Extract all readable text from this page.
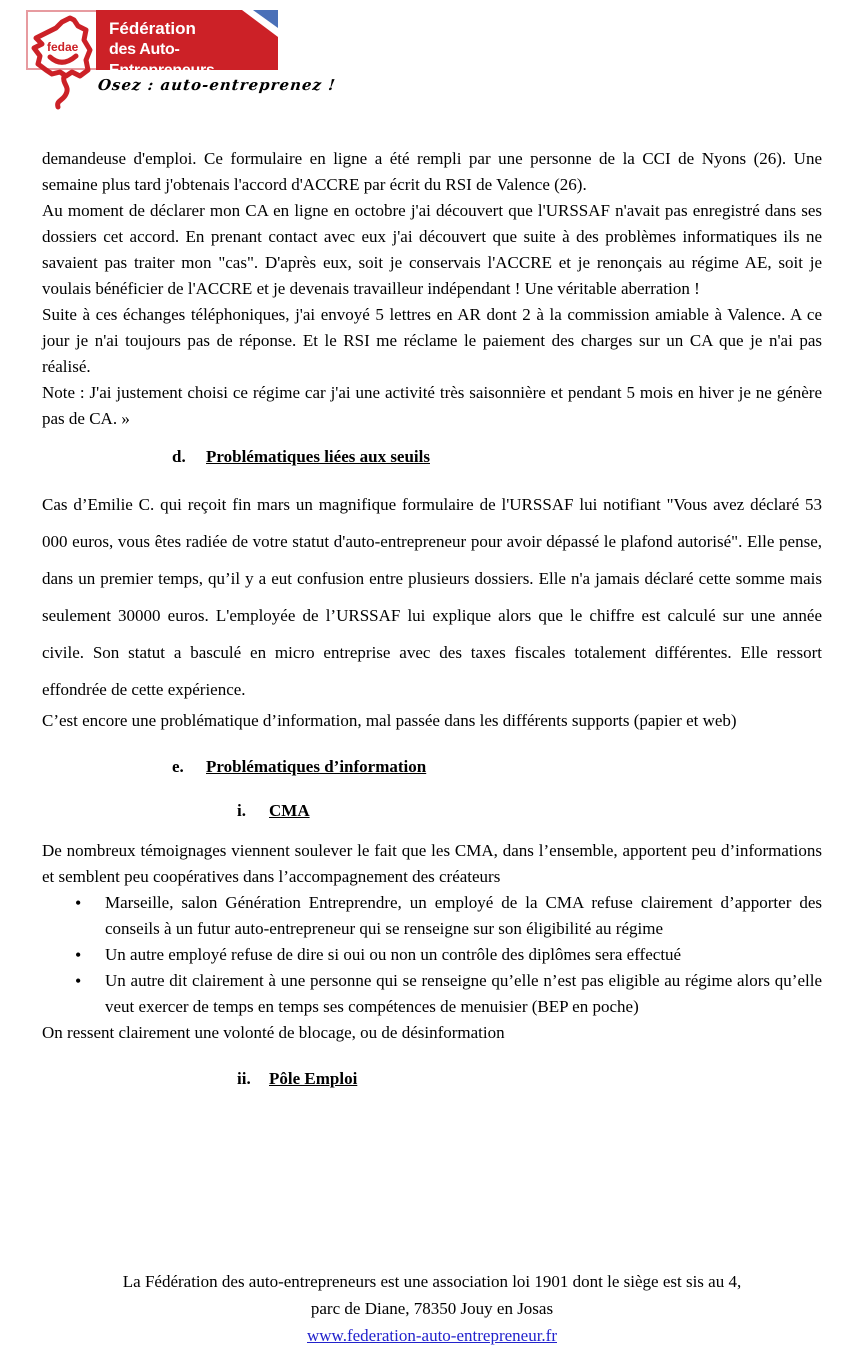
fedae
Fédération
des Auto-Entrepreneurs
Osez : auto-entreprenez !

demandeuse d'emploi. Ce formulaire en ligne a été rempli par une personne de la CCI de Nyons (26). Une semaine plus tard j'obtenais l'accord d'ACCRE par écrit du RSI de Valence (26).

Au moment de déclarer mon CA en ligne en octobre j'ai découvert que l'URSSAF n'avait pas enregistré dans ses dossiers cet accord. En prenant contact avec eux j'ai découvert que suite à des problèmes informatiques ils ne savaient pas traiter mon "cas". D'après eux, soit je conservais l'ACCRE et je renonçais au régime AE, soit je voulais bénéficier de l'ACCRE et je devenais travailleur indépendant ! Une véritable aberration !

Suite à ces échanges téléphoniques, j'ai envoyé 5 lettres en AR dont 2 à la commission amiable à Valence. A ce jour je n'ai toujours pas de réponse. Et le RSI me réclame le paiement des charges sur un CA que je n'ai pas réalisé.

Note : J'ai justement choisi ce régime car j'ai une activité très saisonnière et pendant 5 mois en hiver je ne génère pas de CA. »

d. Problématiques liées aux seuils

Cas d’Emilie C. qui reçoit fin mars un magnifique formulaire de l'URSSAF lui notifiant "Vous avez déclaré 53 000 euros, vous êtes radiée de votre statut d'auto-entrepreneur pour avoir dépassé le plafond autorisé". Elle pense, dans un premier temps, qu’il y a eut confusion entre plusieurs dossiers. Elle n'a jamais déclaré cette somme mais seulement 30000 euros. L'employée de l’URSSAF lui explique alors que le chiffre est calculé sur une année civile. Son statut a basculé en micro entreprise avec des taxes fiscales totalement différentes. Elle ressort effondrée de cette expérience.

C’est encore une problématique d’information, mal passée dans les différents supports (papier et web)

e. Problématiques d’information
i. CMA

De nombreux témoignages viennent soulever le fait que les CMA, dans l’ensemble, apportent peu d’informations et semblent peu coopératives dans l’accompagnement des créateurs

• Marseille, salon Génération Entreprendre, un employé de la CMA refuse clairement d’apporter des conseils à un futur auto-entrepreneur qui se renseigne sur son éligibilité au régime
• Un autre employé refuse de dire si oui ou non un contrôle des diplômes sera effectué
• Un autre dit clairement à une personne qui se renseigne qu’elle n’est pas eligible au régime alors qu’elle veut exercer de temps en temps ses compétences de menuisier (BEP en poche)

On ressent clairement une volonté de blocage, ou de désinformation

ii. Pôle Emploi
La Fédération des auto-entrepreneurs est une association loi 1901 dont le siège est sis au 4,
parc de Diane, 78350 Jouy en Josas
www.federation-auto-entrepreneur.fr
